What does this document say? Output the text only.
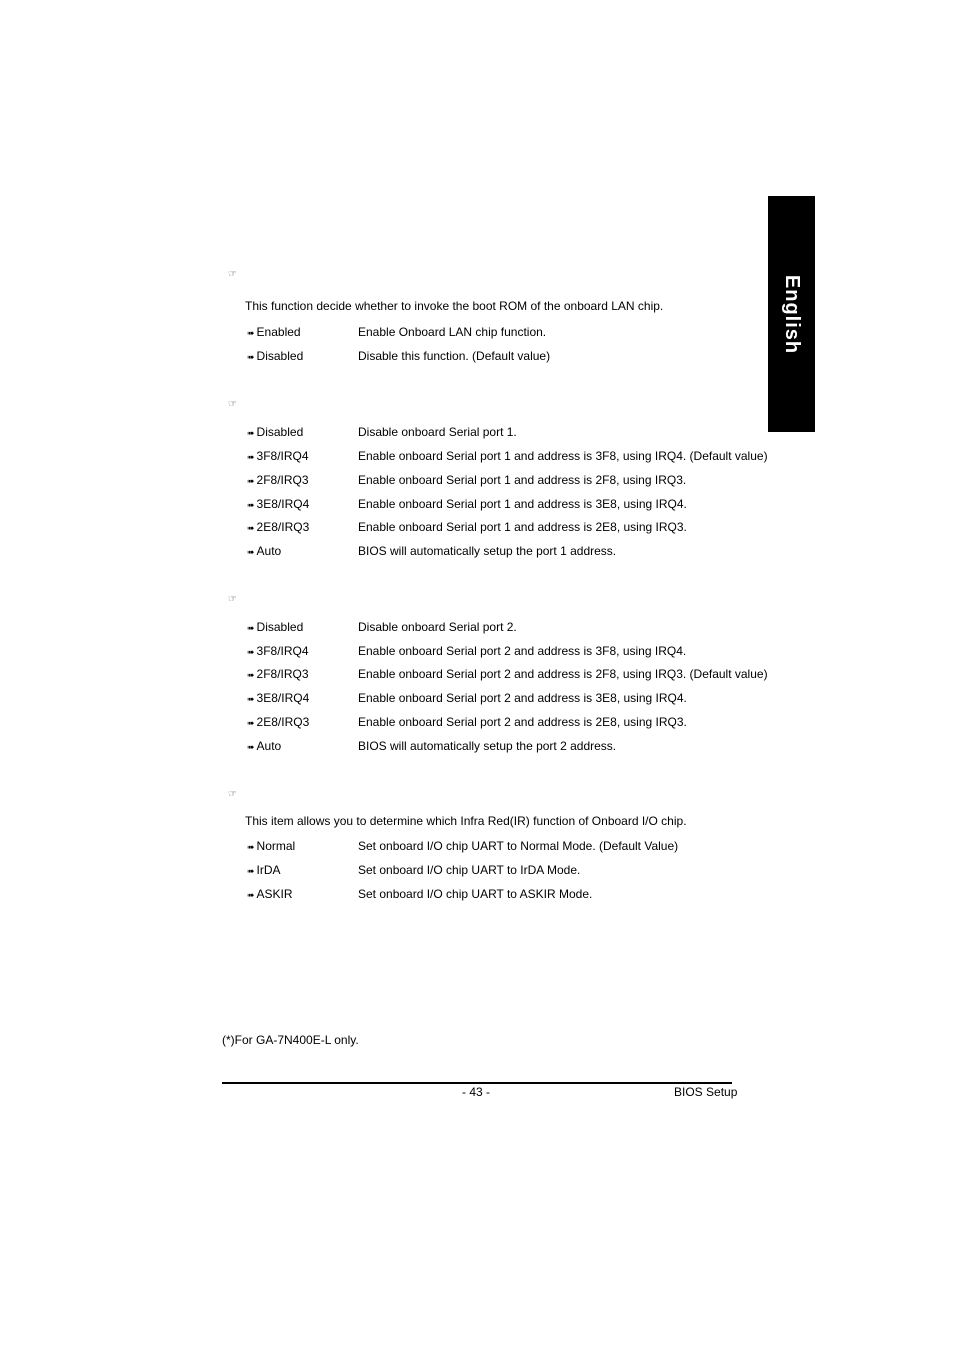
English
☞
This function decide whether to invoke the boot ROM of the onboard LAN chip.
➠ Enabled	Enable Onboard LAN chip function.
➠ Disabled	Disable this function. (Default value)
☞
➠ Disabled	Disable onboard Serial port 1.
➠ 3F8/IRQ4	Enable onboard Serial port 1 and address is 3F8, using IRQ4. (Default value)
➠ 2F8/IRQ3	Enable onboard Serial port 1 and address is 2F8, using IRQ3.
➠ 3E8/IRQ4	Enable onboard Serial port 1 and address is 3E8, using IRQ4.
➠ 2E8/IRQ3	Enable onboard Serial port 1 and address is 2E8, using IRQ3.
➠ Auto	BIOS will automatically setup the port 1 address.
☞
➠ Disabled	Disable onboard Serial port 2.
➠ 3F8/IRQ4	Enable onboard Serial port 2 and address is 3F8, using IRQ4.
➠ 2F8/IRQ3	Enable onboard Serial port 2 and address is 2F8, using IRQ3. (Default value)
➠ 3E8/IRQ4	Enable onboard Serial port 2 and address is 3E8, using IRQ4.
➠ 2E8/IRQ3	Enable onboard Serial port 2 and address is 2E8, using IRQ3.
➠ Auto	BIOS will automatically setup the port 2 address.
☞
This item allows you to determine which Infra Red(IR) function of Onboard I/O chip.
➠ Normal	Set onboard I/O chip UART to Normal Mode. (Default Value)
➠ IrDA	Set onboard I/O chip UART to IrDA Mode.
➠ ASKIR	Set onboard I/O chip UART to ASKIR Mode.
(*)For GA-7N400E-L only.
- 43 -	BIOS Setup
